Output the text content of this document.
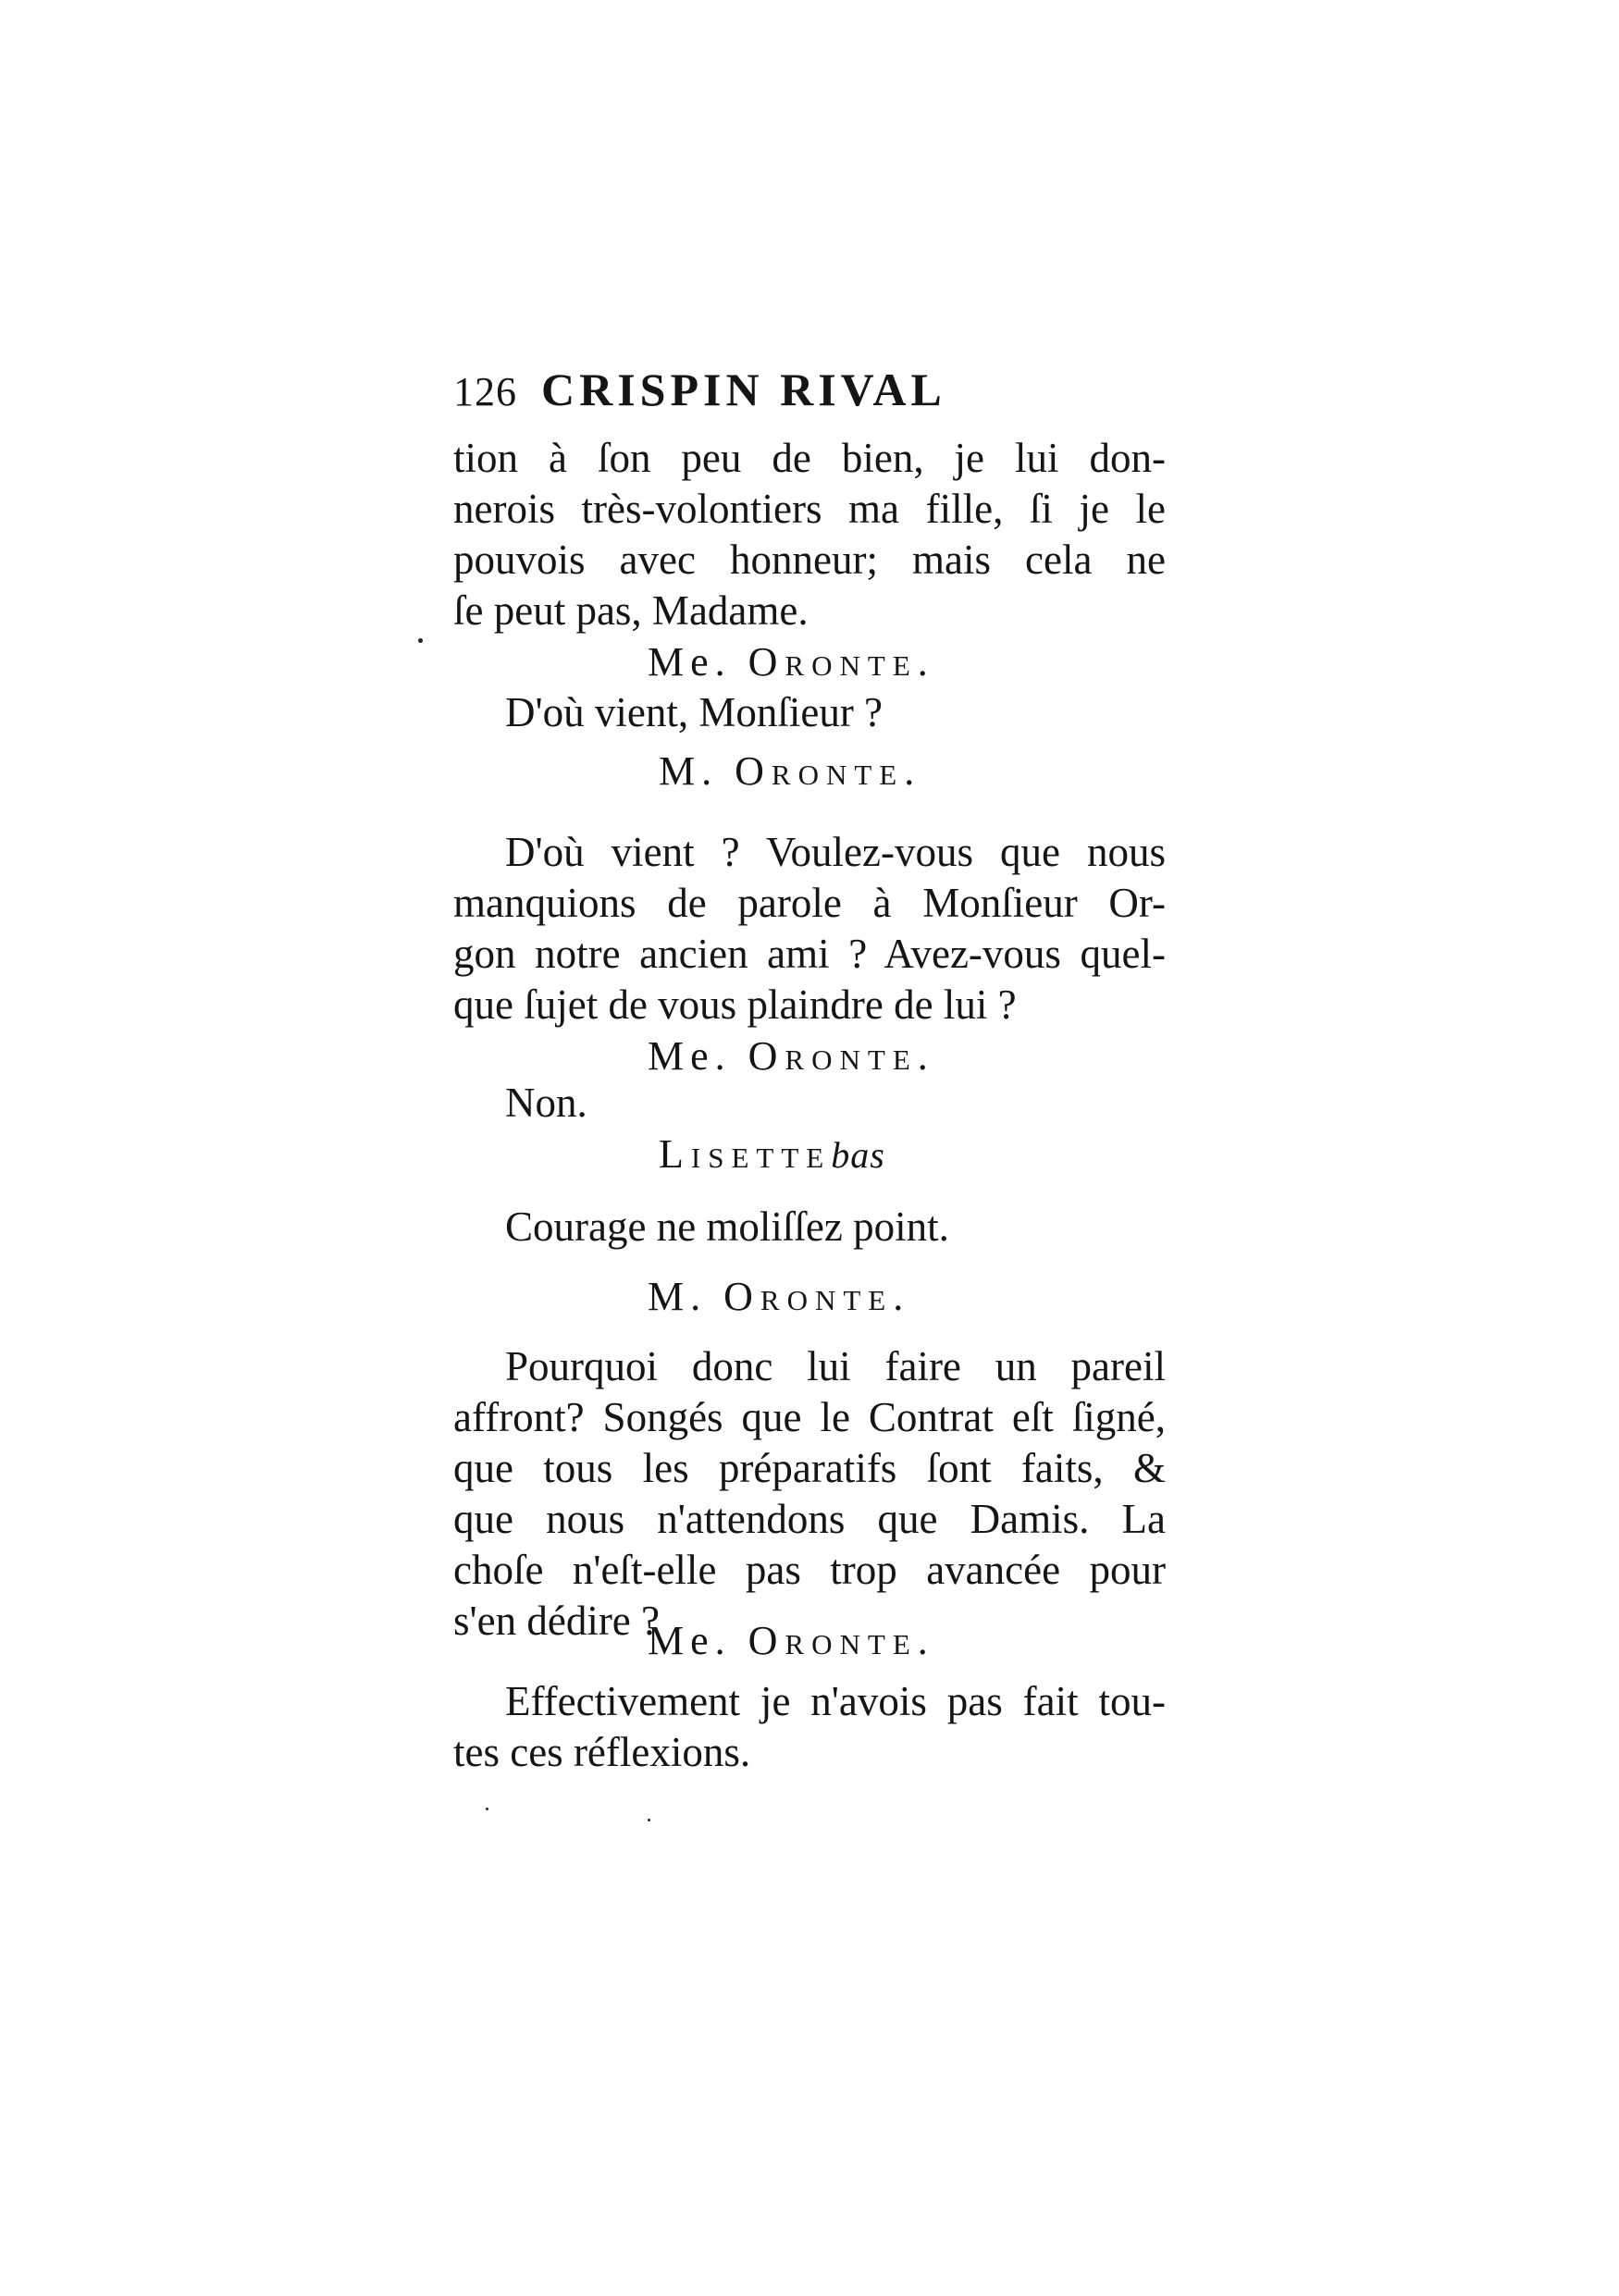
126 CRISPIN RIVAL
tion à ſon peu de bien, je lui don-
nerois très-volontiers ma fille, ſi je le
pouvois avec honneur; mais cela ne
ſe peut pas, Madame.
Me. Oronte.
D'où vient, Monſieur ?
M. Oronte.
D'où vient ? Voulez-vous que nous
manquions de parole à Monſieur Or-
gon notre ancien ami ? Avez-vous quel-
que ſujet de vous plaindre de lui ?
Me. Oronte.
Non.
Lisettebas
Courage ne moliſſez point.
M. Oronte.
Pourquoi donc lui faire un pareil
affront? Songés que le Contrat eſt ſigné,
que tous les préparatifs ſont faits, &
que nous n'attendons que Damis. La
choſe n'eſt-elle pas trop avancée pour
s'en dédire ?
Me. Oronte.
Effectivement je n'avois pas fait tou-
tes ces réflexions.
